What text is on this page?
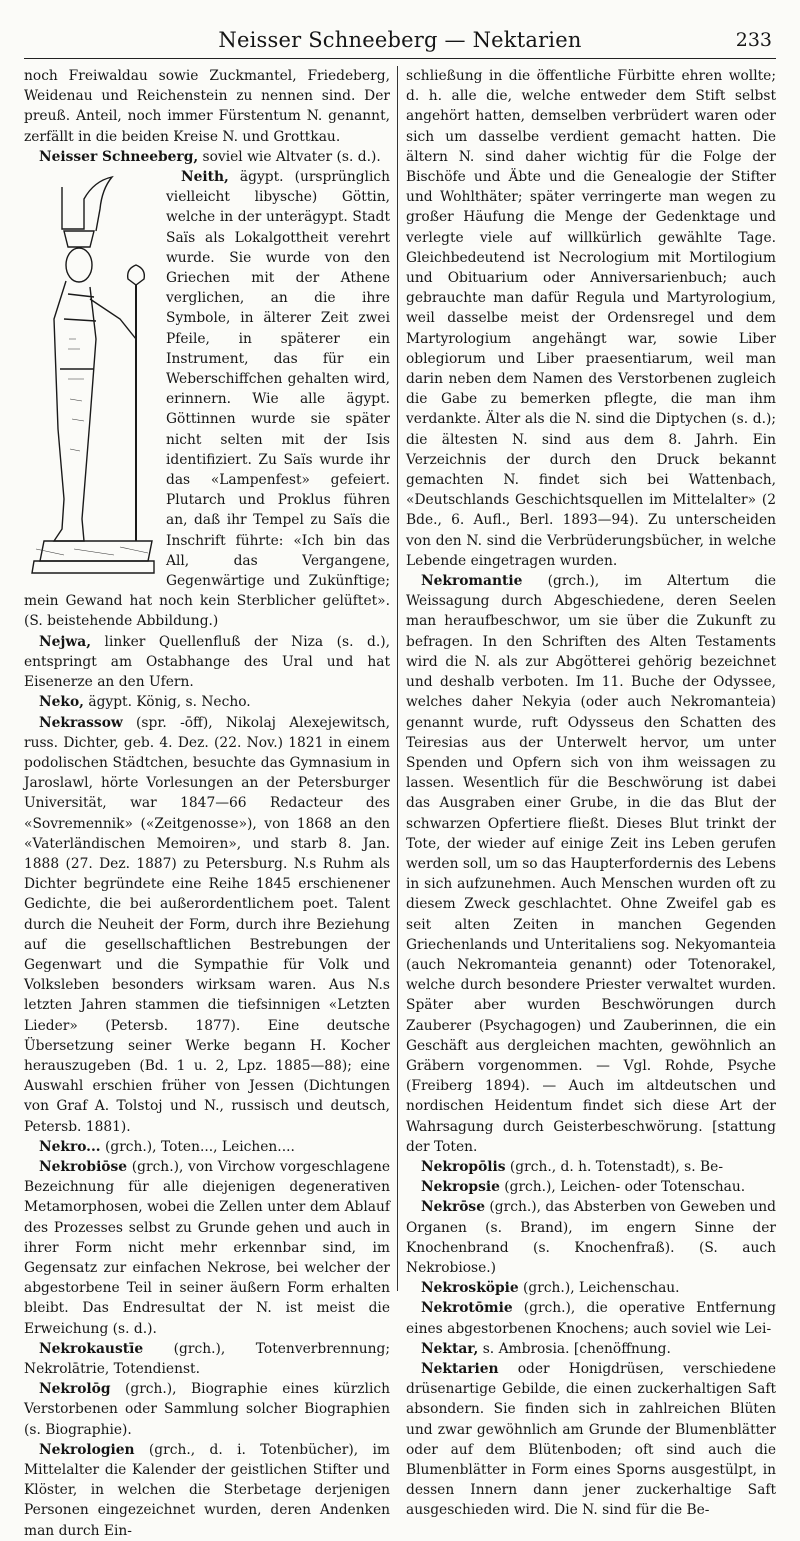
Neisser Schneeberg — Nektarien	233

noch Freiwaldau sowie Zuckmantel, Friedeberg, Weidenau und Reichenstein zu nennen sind. Der preuß. Anteil, noch immer Fürstentum N. genannt, zerfällt in die beiden Kreise N. und Grottkau.

Neisser Schneeberg, soviel wie Altvater (s. d.).

Neith, ägypt. (ursprünglich vielleicht libysche) Göttin, welche in der unterägypt. Stadt Saïs als Lokalgottheit verehrt wurde. Sie wurde von den Griechen mit der Athene verglichen, an die ihre Symbole, in älterer Zeit zwei Pfeile, in späterer ein Instrument, das für ein Weberschiffchen gehalten wird, erinnern. Wie alle ägypt. Göttinnen wurde sie später nicht selten mit der Isis identifiziert. Zu Saïs wurde ihr das «Lampenfest» gefeiert. Plutarch und Proklus führen an, daß ihr Tempel zu Saïs die Inschrift führte: «Ich bin das All, das Vergangene, Gegenwärtige und Zukünftige; mein Gewand hat noch kein Sterblicher gelüftet». (S. beistehende Abbildung.)

Nejwa, linker Quellenfluß der Niza (s. d.), entspringt am Ostabhange des Ural und hat Eisenerze an den Ufern.

Neko, ägypt. König, s. Necho.

Nekrassow (spr. -ōff), Nikolaj Alexejewitsch, russ. Dichter, geb. 4. Dez. (22. Nov.) 1821 in einem podolischen Städtchen, besuchte das Gymnasium in Jaroslawl, hörte Vorlesungen an der Petersburger Universität, war 1847—66 Redacteur des «Sovremennik» («Zeitgenosse»), von 1868 an den «Vaterländischen Memoiren», und starb 8. Jan. 1888 (27. Dez. 1887) zu Petersburg. N.s Ruhm als Dichter begründete eine Reihe 1845 erschienener Gedichte, die bei außerordentlichem poet. Talent durch die Neuheit der Form, durch ihre Beziehung auf die gesellschaftlichen Bestrebungen der Gegenwart und die Sympathie für Volk und Volksleben besonders wirksam waren. Aus N.s letzten Jahren stammen die tiefsinnigen «Letzten Lieder» (Petersb. 1877). Eine deutsche Übersetzung seiner Werke begann H. Kocher herauszugeben (Bd. 1 u. 2, Lpz. 1885—88); eine Auswahl erschien früher von Jessen (Dichtungen von Graf A. Tolstoj und N., russisch und deutsch, Petersb. 1881).

Nekro... (grch.), Toten..., Leichen....

Nekrobiōse (grch.), von Virchow vorgeschlagene Bezeichnung für alle diejenigen degenerativen Metamorphosen, wobei die Zellen unter dem Ablauf des Prozesses selbst zu Grunde gehen und auch in ihrer Form nicht mehr erkennbar sind, im Gegensatz zur einfachen Nekrose, bei welcher der abgestorbene Teil in seiner äußern Form erhalten bleibt. Das Endresultat der N. ist meist die Erweichung (s. d.).

Nekrokaustīe (grch.), Totenverbrennung; Nekrolātrie, Totendienst.

Nekrolōg (grch.), Biographie eines kürzlich Verstorbenen oder Sammlung solcher Biographien (s. Biographie).

Nekrologien (grch., d. i. Totenbücher), im Mittelalter die Kalender der geistlichen Stifter und Klöster, in welchen die Sterbetage derjenigen Personen eingezeichnet wurden, deren Andenken man durch Ein-

schließung in die öffentliche Fürbitte ehren wollte; d. h. alle die, welche entweder dem Stift selbst angehört hatten, demselben verbrüdert waren oder sich um dasselbe verdient gemacht hatten. Die ältern N. sind daher wichtig für die Folge der Bischöfe und Äbte und die Genealogie der Stifter und Wohlthäter; später verringerte man wegen zu großer Häufung die Menge der Gedenktage und verlegte viele auf willkürlich gewählte Tage. Gleichbedeutend ist Necrologium mit Mortilogium und Obituarium oder Anniversarienbuch; auch gebrauchte man dafür Regula und Martyrologium, weil dasselbe meist der Ordensregel und dem Martyrologium angehängt war, sowie Liber oblegiorum und Liber praesentiarum, weil man darin neben dem Namen des Verstorbenen zugleich die Gabe zu bemerken pflegte, die man ihm verdankte. Älter als die N. sind die Diptychen (s. d.); die ältesten N. sind aus dem 8. Jahrh. Ein Verzeichnis der durch den Druck bekannt gemachten N. findet sich bei Wattenbach, «Deutschlands Geschichtsquellen im Mittelalter» (2 Bde., 6. Aufl., Berl. 1893—94). Zu unterscheiden von den N. sind die Verbrüderungsbücher, in welche Lebende eingetragen wurden.

Nekromantie (grch.), im Altertum die Weissagung durch Abgeschiedene, deren Seelen man heraufbeschwor, um sie über die Zukunft zu befragen. In den Schriften des Alten Testaments wird die N. als zur Abgötterei gehörig bezeichnet und deshalb verboten. Im 11. Buche der Odyssee, welches daher Nekyia (oder auch Nekromanteia) genannt wurde, ruft Odysseus den Schatten des Teiresias aus der Unterwelt hervor, um unter Spenden und Opfern sich von ihm weissagen zu lassen. Wesentlich für die Beschwörung ist dabei das Ausgraben einer Grube, in die das Blut der schwarzen Opfertiere fließt. Dieses Blut trinkt der Tote, der wieder auf einige Zeit ins Leben gerufen werden soll, um so das Haupterfordernis des Lebens in sich aufzunehmen. Auch Menschen wurden oft zu diesem Zweck geschlachtet. Ohne Zweifel gab es seit alten Zeiten in manchen Gegenden Griechenlands und Unteritaliens sog. Nekyomanteia (auch Nekromanteia genannt) oder Totenorakel, welche durch besondere Priester verwaltet wurden. Später aber wurden Beschwörungen durch Zauberer (Psychagogen) und Zauberinnen, die ein Geschäft aus dergleichen machten, gewöhnlich an Gräbern vorgenommen. — Vgl. Rohde, Psyche (Freiberg 1894). — Auch im altdeutschen und nordischen Heidentum findet sich diese Art der Wahrsagung durch Geisterbeschwörung. [stattung der Toten.

Nekropōlis (grch., d. h. Totenstadt), s. Be-

Nekropsie (grch.), Leichen- oder Totenschau.

Nekrōse (grch.), das Absterben von Geweben und Organen (s. Brand), im engern Sinne der Knochenbrand (s. Knochenfraß). (S. auch Nekrobiose.)

Nekrosköpie (grch.), Leichenschau.

Nekrotōmie (grch.), die operative Entfernung eines abgestorbenen Knochens; auch soviel wie Lei-

Nektar, s. Ambrosia. [chenöffnung.

Nektarien oder Honigdrüsen, verschiedene drüsenartige Gebilde, die einen zuckerhaltigen Saft absondern. Sie finden sich in zahlreichen Blüten und zwar gewöhnlich am Grunde der Blumenblätter oder auf dem Blütenboden; oft sind auch die Blumenblätter in Form eines Sporns ausgestülpt, in dessen Innern dann jener zuckerhaltige Saft ausgeschieden wird. Die N. sind für die Be-
